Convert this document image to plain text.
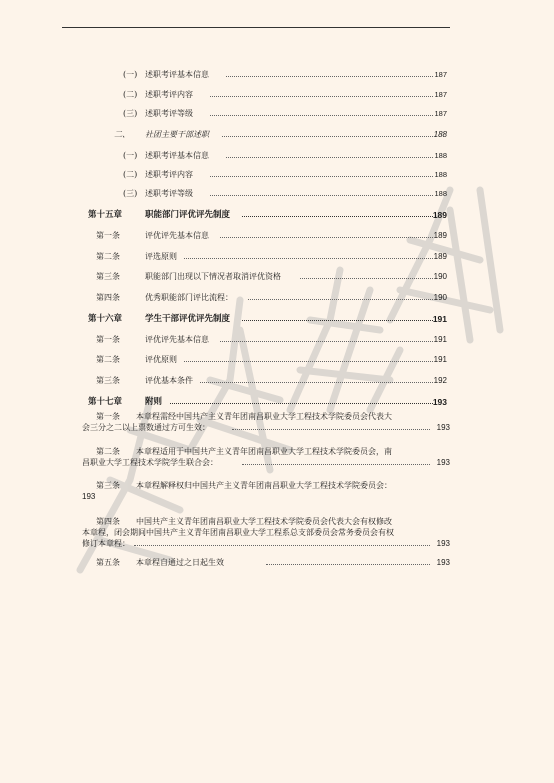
(一) 述职考评基本信息	187
(二) 述职考评内容	187
(三) 述职考评等级	187
二、 社团主要干部述职	188
(一) 述职考评基本信息	188
(二) 述职考评内容	188
(三) 述职考评等级	188
第十五章	职能部门评优评先制度	189
第一条	评优评先基本信息	189
第二条	评选原则	189
第三条	职能部门出现以下情况者取消评优资格	190
第四条	优秀职能部门评比流程：	190
第十六章	学生干部评优评先制度	191
第一条	评优评先基本信息	191
第二条	评优原则	191
第三条	评优基本条件	192
第十七章	附则	193
第一条　　本章程需经中国共产主义青年团南昌职业大学工程技术学院委员会代表大
会三分之二以上票数通过方可生效：	193
第二条　　本章程适用于中国共产主义青年团南昌职业大学工程技术学院委员会，南
昌职业大学工程技术学院学生联合会：	193
第三条　　本章程解释权归中国共产主义青年团南昌职业大学工程技术学院委员会：
193
第四条　　中国共产主义青年团南昌职业大学工程技术学院委员会代表大会有权修改
本章程，闭会期间中国共产主义青年团南昌职业大学工程系总支部委员会常务委员会有权
修订本章程：	193
第五条　　本章程自通过之日起生效	193
